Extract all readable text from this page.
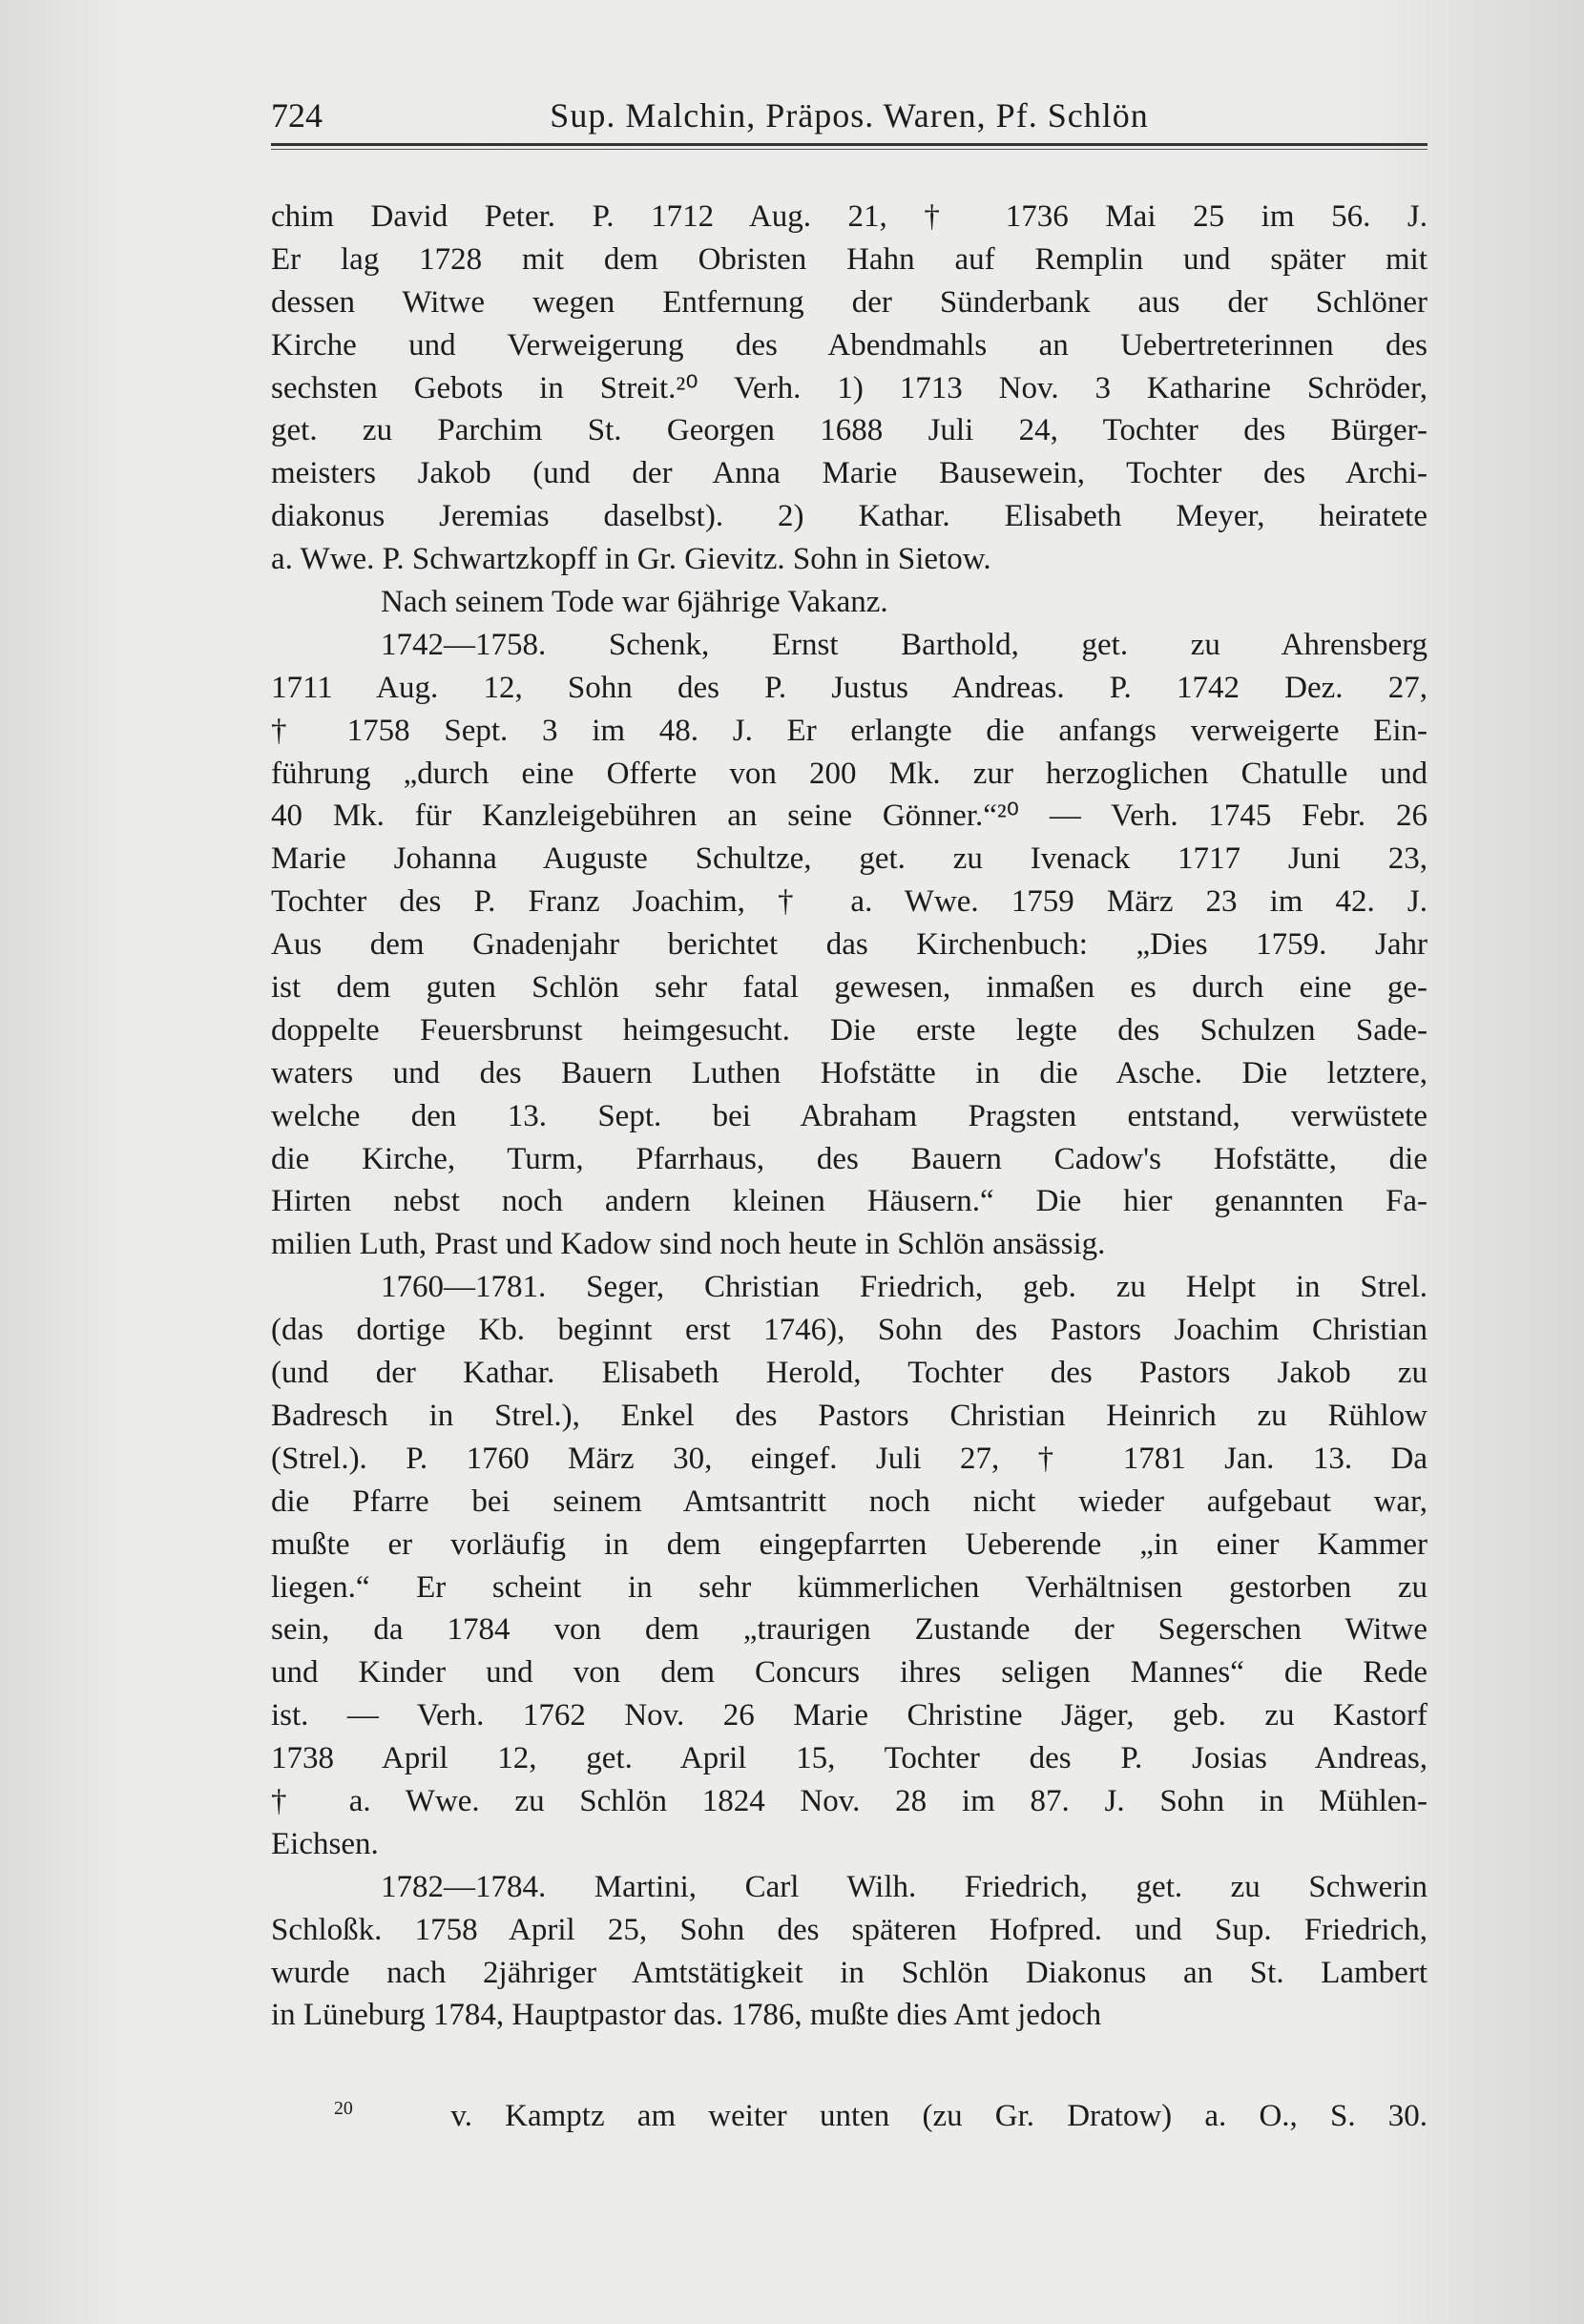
724	Sup. Malchin, Präpos. Waren, Pf. Schlön
chim David Peter. P. 1712 Aug. 21, † 1736 Mai 25 im 56. J.
Er lag 1728 mit dem Obristen Hahn auf Remplin und später mit
dessen Witwe wegen Entfernung der Sünderbank aus der Schlöner
Kirche und Verweigerung des Abendmahls an Uebertreterinnen des
sechsten Gebots in Streit.²⁰ Verh. 1) 1713 Nov. 3 Katharine Schröder,
get. zu Parchim St. Georgen 1688 Juli 24, Tochter des Bürger-
meisters Jakob (und der Anna Marie Bausewein, Tochter des Archi-
diakonus Jeremias daselbst). 2) Kathar. Elisabeth Meyer, heiratete
a. Wwe. P. Schwartzkopff in Gr. Gievitz. Sohn in Sietow.
Nach seinem Tode war 6jährige Vakanz.
1742—1758. Schenk, Ernst Barthold, get. zu Ahrensberg
1711 Aug. 12, Sohn des P. Justus Andreas. P. 1742 Dez. 27,
† 1758 Sept. 3 im 48. J. Er erlangte die anfangs verweigerte Ein-
führung „durch eine Offerte von 200 Mk. zur herzoglichen Chatulle und
40 Mk. für Kanzleigebühren an seine Gönner.“²⁰ — Verh. 1745 Febr. 26
Marie Johanna Auguste Schultze, get. zu Ivenack 1717 Juni 23,
Tochter des P. Franz Joachim, † a. Wwe. 1759 März 23 im 42. J.
Aus dem Gnadenjahr berichtet das Kirchenbuch: „Dies 1759. Jahr
ist dem guten Schlön sehr fatal gewesen, inmaßen es durch eine ge-
doppelte Feuersbrunst heimgesucht. Die erste legte des Schulzen Sade-
waters und des Bauern Luthen Hofstätte in die Asche. Die letztere,
welche den 13. Sept. bei Abraham Pragsten entstand, verwüstete
die Kirche, Turm, Pfarrhaus, des Bauern Cadow's Hofstätte, die
Hirten nebst noch andern kleinen Häusern.“ Die hier genannten Fa-
milien Luth, Prast und Kadow sind noch heute in Schlön ansässig.
1760—1781. Seger, Christian Friedrich, geb. zu Helpt in Strel.
(das dortige Kb. beginnt erst 1746), Sohn des Pastors Joachim Christian
(und der Kathar. Elisabeth Herold, Tochter des Pastors Jakob zu
Badresch in Strel.), Enkel des Pastors Christian Heinrich zu Rühlow
(Strel.). P. 1760 März 30, eingef. Juli 27, † 1781 Jan. 13. Da
die Pfarre bei seinem Amtsantritt noch nicht wieder aufgebaut war,
mußte er vorläufig in dem eingepfarrten Ueberende „in einer Kammer
liegen.“ Er scheint in sehr kümmerlichen Verhältnisen gestorben zu
sein, da 1784 von dem „traurigen Zustande der Segerschen Witwe
und Kinder und von dem Concurs ihres seligen Mannes“ die Rede
ist. — Verh. 1762 Nov. 26 Marie Christine Jäger, geb. zu Kastorf
1738 April 12, get. April 15, Tochter des P. Josias Andreas,
† a. Wwe. zu Schlön 1824 Nov. 28 im 87. J. Sohn in Mühlen-
Eichsen.
1782—1784. Martini, Carl Wilh. Friedrich, get. zu Schwerin
Schloßk. 1758 April 25, Sohn des späteren Hofpred. und Sup. Friedrich,
wurde nach 2jähriger Amtstätigkeit in Schlön Diakonus an St. Lambert
in Lüneburg 1784, Hauptpastor das. 1786, mußte dies Amt jedoch
$^{20}$	v. Kamptz am weiter unten (zu Gr. Dratow) a. O., S. 30.
